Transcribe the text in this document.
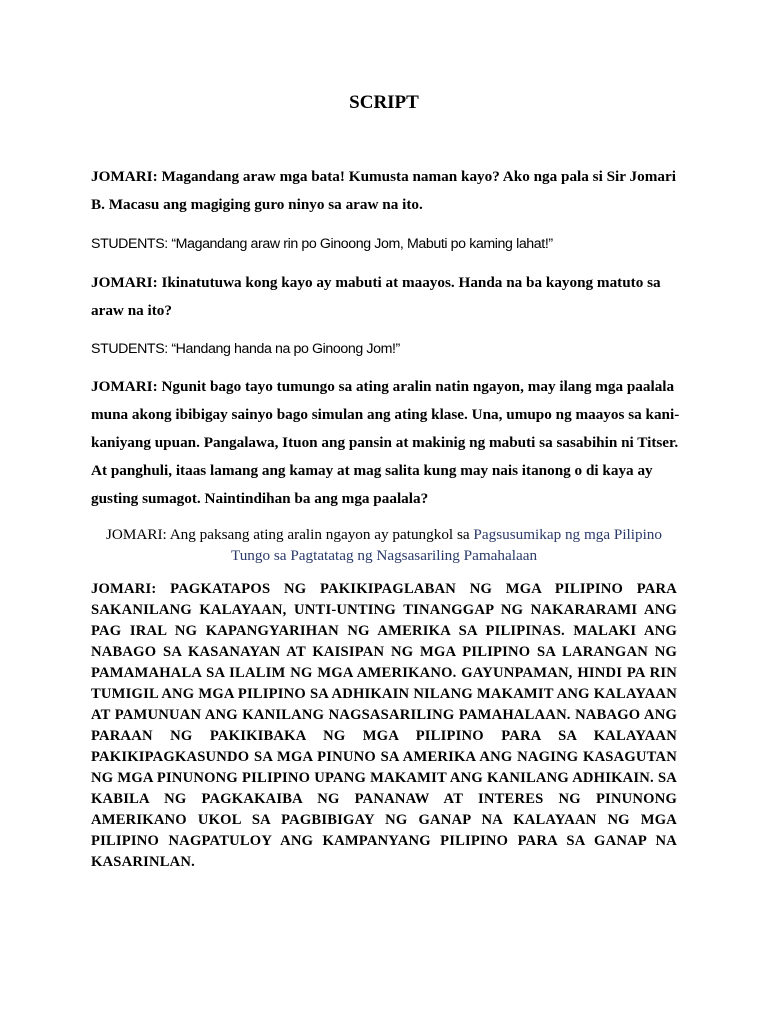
SCRIPT
JOMARI: Magandang araw mga bata! Kumusta naman kayo? Ako nga pala si Sir Jomari B. Macasu ang magiging guro ninyo sa araw na ito.
STUDENTS: “Magandang araw rin po Ginoong Jom, Mabuti po kaming lahat!”
JOMARI: Ikinatutuwa kong kayo ay mabuti at maayos. Handa na ba kayong matuto sa araw na ito?
STUDENTS: “Handang handa na po Ginoong Jom!”
JOMARI: Ngunit bago tayo tumungo sa ating aralin natin ngayon, may ilang mga paalala muna akong ibibigay sainyo bago simulan ang ating klase. Una, umupo ng maayos sa kani-kaniyang upuan. Pangalawa, Ituon ang pansin at makinig ng mabuti sa sasabihin ni Titser. At panghuli, itaas lamang ang kamay at mag salita kung may nais itanong o di kaya ay gusting sumagot. Naintindihan ba ang mga paalala?
JOMARI: Ang paksang ating aralin ngayon ay patungkol sa Pagsusumikap ng mga Pilipino Tungo sa Pagtatatag ng Nagsasariling Pamahalaan
JOMARI: PAGKATAPOS NG PAKIKIPAGLABAN NG MGA PILIPINO PARA SAKANILANG KALAYAAN, UNTI-UNTING TINANGGAP NG NAKARARAMI ANG PAG IRAL NG KAPANGYARIHAN NG AMERIKA SA PILIPINAS. MALAKI ANG NABAGO SA KASANAYAN AT KAISIPAN NG MGA PILIPINO SA LARANGAN NG PAMAMAHALA SA ILALIM NG MGA AMERIKANO. GAYUNPAMAN, HINDI PA RIN TUMIGIL ANG MGA PILIPINO SA ADHIKAIN NILANG MAKAMIT ANG KALAYAAN AT PAMUNUAN ANG KANILANG NAGSASARILING PAMAHALAAN. NABAGO ANG PARAAN NG PAKIKIBAKA NG MGA PILIPINO PARA SA KALAYAAN PAKIKIPAGKASUNDO SA MGA PINUNO SA AMERIKA ANG NAGING KASAGUTAN NG MGA PINUNONG PILIPINO UPANG MAKAMIT ANG KANILANG ADHIKAIN. SA KABILA NG PAGKAKAIBA NG PANANAW AT INTERES NG PINUNONG AMERIKANO UKOL SA PAGBIBIGAY NG GANAP NA KALAYAAN NG MGA PILIPINO NAGPATULOY ANG KAMPANYANG PILIPINO PARA SA GANAP NA KASARINLAN.
